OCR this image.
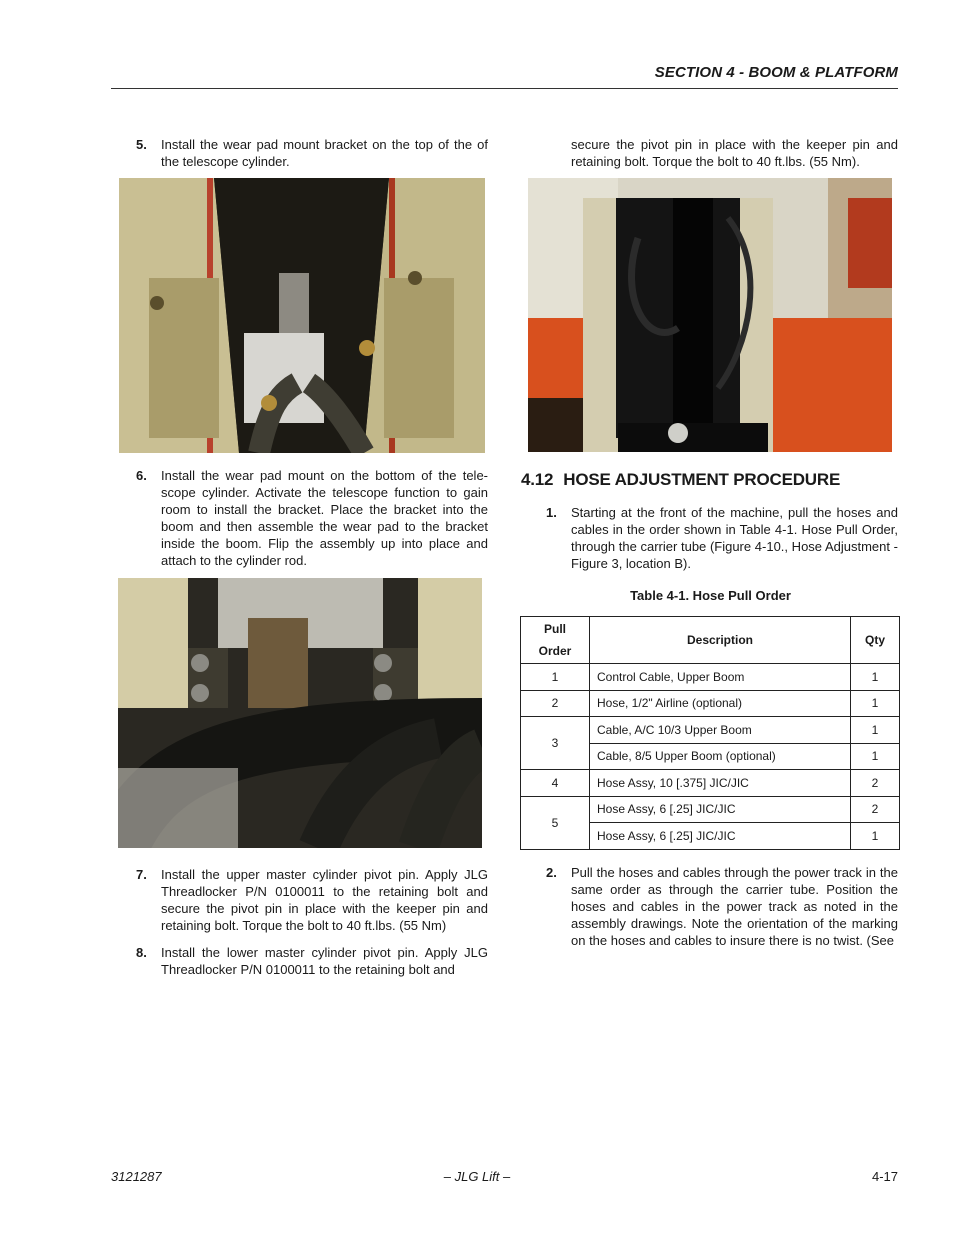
SECTION 4 - BOOM & PLATFORM
5. Install the wear pad mount bracket on the top of the of the telescope cylinder.
6. Install the wear pad mount on the bottom of the tele-scope cylinder. Activate the telescope function to gain room to install the bracket. Place the bracket into the boom and then assemble the wear pad to the bracket inside the boom. Flip the assembly up into place and attach to the cylinder rod.
7. Install the upper master cylinder pivot pin. Apply JLG Threadlocker P/N 0100011 to the retaining bolt and secure the pivot pin in place with the keeper pin and retaining bolt. Torque the bolt to 40 ft.lbs. (55 Nm)
8. Install the lower master cylinder pivot pin. Apply JLG Threadlocker P/N 0100011 to the retaining bolt and
secure the pivot pin in place with the keeper pin and retaining bolt. Torque the bolt to 40 ft.lbs. (55 Nm).
4.12 HOSE ADJUSTMENT PROCEDURE
1. Starting at the front of the machine, pull the hoses and cables in the order shown in Table 4-1. Hose Pull Order, through the carrier tube (Figure 4-10., Hose Adjustment - Figure 3, location B).
Table 4-1. Hose Pull Order
Pull
Order	Description	Qty
1	Control Cable, Upper Boom	1
2	Hose, 1/2" Airline (optional)	1
3	Cable, A/C 10/3 Upper Boom	1
	Cable, 8/5 Upper Boom (optional)	1
4	Hose Assy, 10 [.375] JIC/JIC	2
5	Hose Assy, 6 [.25] JIC/JIC	2
	Hose Assy, 6 [.25] JIC/JIC	1
2. Pull the hoses and cables through the power track in the same order as through the carrier tube. Position the hoses and cables in the power track as noted in the assembly drawings. Note the orientation of the marking on the hoses and cables to insure there is no twist. (See
3121287	– JLG Lift –	4-17
